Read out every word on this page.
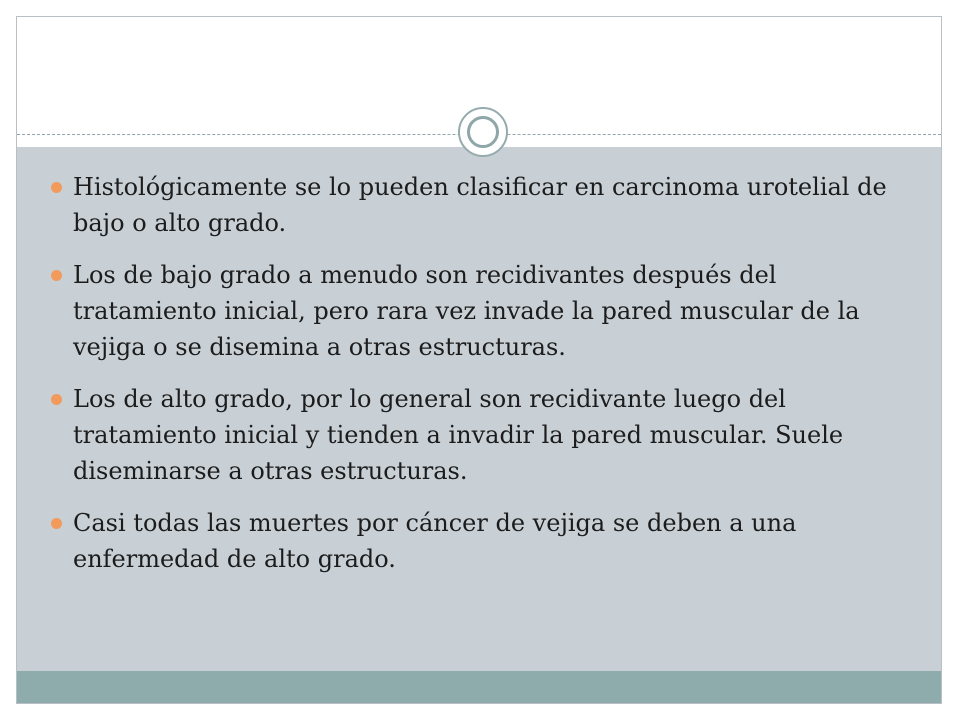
Histológicamente se lo pueden clasificar en carcinoma urotelial de bajo o alto grado.
Los de bajo grado a menudo son recidivantes después del tratamiento inicial, pero rara vez invade la pared muscular de la vejiga o se disemina a otras estructuras.
Los de alto grado, por lo general son recidivante luego del tratamiento inicial y tienden a invadir la pared muscular. Suele diseminarse a otras estructuras.
Casi todas las muertes por cáncer de vejiga se deben a una enfermedad de alto grado.
